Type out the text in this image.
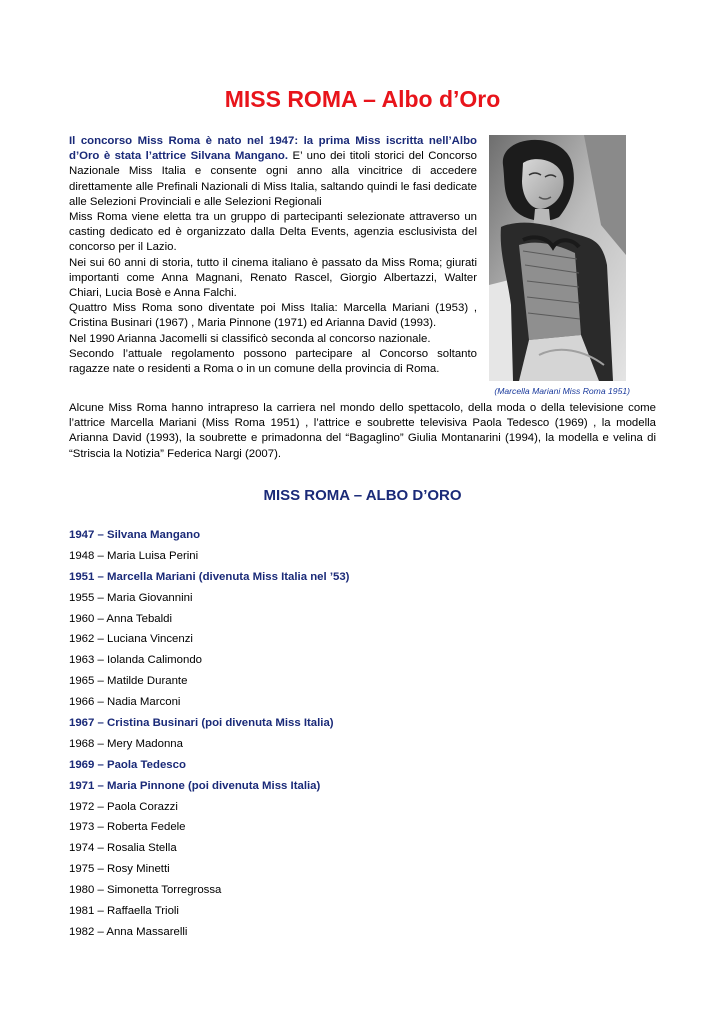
MISS ROMA – Albo d’Oro

Il concorso Miss Roma è nato nel 1947: la prima Miss iscritta nell’Albo d’Oro è stata l’attrice Silvana Mangano. E’ uno dei titoli storici del Concorso Nazionale Miss Italia e consente ogni anno alla vincitrice di accedere direttamente alle Prefinali Nazionali di Miss Italia, saltando quindi le fasi dedicate alle Selezioni Provinciali e alle Selezioni Regionali
Miss Roma viene eletta tra un gruppo di partecipanti selezionate attraverso un casting dedicato ed è organizzato dalla Delta Events, agenzia esclusivista del concorso per il Lazio.
Nei sui 60 anni di storia, tutto il cinema italiano è passato da Miss Roma; giurati importanti come Anna Magnani, Renato Rascel, Giorgio Albertazzi, Walter Chiari, Lucia Bosè e Anna Falchi.
Quattro Miss Roma sono diventate poi Miss Italia: Marcella Mariani (1953) , Cristina Businari (1967) , Maria Pinnone (1971) ed Arianna David (1993).
Nel 1990 Arianna Jacomelli si classificò seconda al concorso nazionale.
Secondo l’attuale regolamento possono partecipare al Concorso soltanto ragazze nate o residenti a Roma o in un comune della provincia di Roma.

(Marcella Mariani Miss Roma 1951)

Alcune Miss Roma hanno intrapreso la carriera nel mondo dello spettacolo, della moda o della televisione come l’attrice Marcella Mariani (Miss Roma 1951) , l’attrice e soubrette televisiva Paola Tedesco (1969) , la modella Arianna David (1993), la soubrette e primadonna del “Bagaglino” Giulia Montanarini (1994), la modella e velina di “Striscia la Notizia” Federica Nargi (2007).

MISS ROMA – ALBO D’ORO
1947 – Silvana Mangano
1948 – Maria Luisa Perini
1951 – Marcella Mariani (divenuta Miss Italia nel ’53)
1955 – Maria Giovannini
1960 – Anna Tebaldi
1962 – Luciana Vincenzi
1963 – Iolanda Calimondo
1965 – Matilde Durante
1966 – Nadia Marconi
1967 – Cristina Businari (poi divenuta Miss Italia)
1968 – Mery Madonna
1969 – Paola Tedesco
1971 – Maria Pinnone (poi divenuta Miss Italia)
1972 – Paola Corazzi
1973 – Roberta Fedele
1974 – Rosalia Stella
1975 – Rosy Minetti
1980 – Simonetta Torregrossa
1981 – Raffaella Trioli
1982 – Anna Massarelli
